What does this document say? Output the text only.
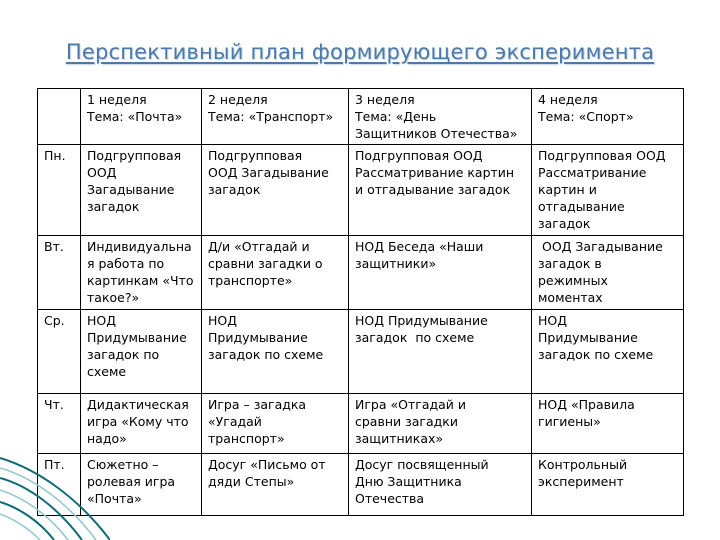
Перспективный план формирующего эксперимента

	1 неделя
Тема: «Почта»	2 неделя
Тема: «Транспорт»	3 неделя
Тема: «День
Защитников Отечества»	4 неделя
Тема: «Спорт»

Пн.	Подгрупповая
ООД
Загадывание
загадок	Подгрупповая
ООД Загадывание
загадок	Подгрупповая ООД
Рассматривание картин
и отгадывание загадок	Подгрупповая ООД
Рассматривание
картин и
отгадывание
загадок

Вт.	Индивидуальна
я работа по
картинкам «Что
такое?»	Д/и «Отгадай и
сравни загадки о
транспорте»	НОД Беседа «Наши
защитники»	ООД Загадывание
загадок в
режимных
моментах

Ср.	НОД
Придумывание
загадок по
схеме	НОД
Придумывание
загадок по схеме	НОД Придумывание
загадок  по схеме	НОД
Придумывание
загадок по схеме

Чт.	Дидактическая
игра «Кому что
надо»	Игра – загадка
«Угадай
транспорт»	Игра «Отгадай и
сравни загадки
защитниках»	НОД «Правила
гигиены»

Пт.	Сюжетно –
ролевая игра
«Почта»	Досуг «Письмо от
дяди Степы»	Досуг посвященный
Дню Защитника
Отечества	Контрольный
эксперимент
